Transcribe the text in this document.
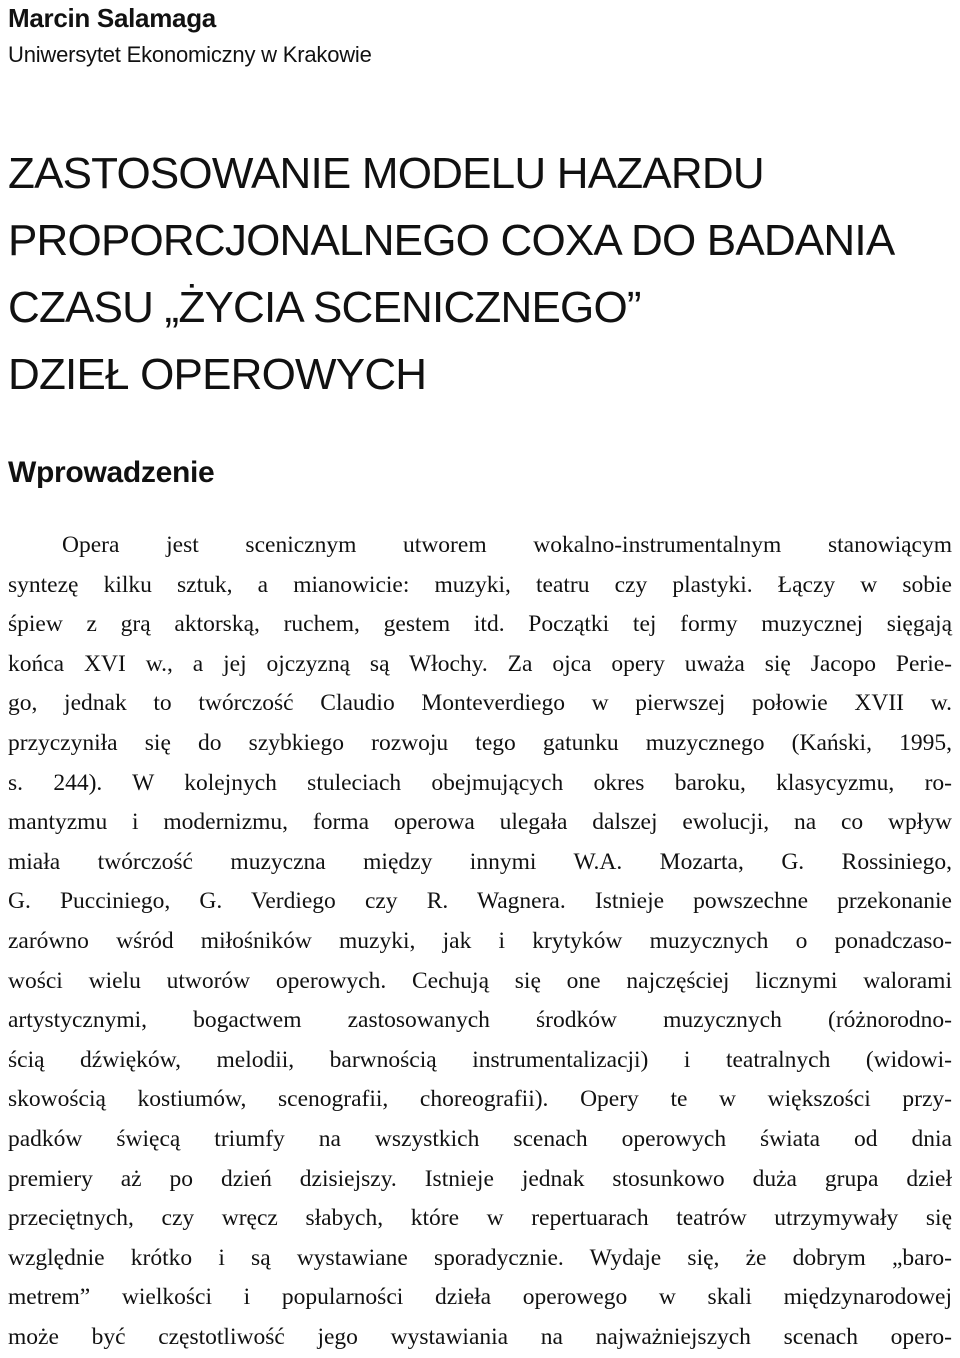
Marcin Salamaga
Uniwersytet Ekonomiczny w Krakowie
ZASTOSOWANIE MODELU HAZARDU
PROPORCJONALNEGO COXA DO BADANIA
CZASU „ŻYCIA SCENICZNEGO”
DZIEŁ OPEROWYCH
Wprowadzenie
Opera jest scenicznym utworem wokalno-instrumentalnym stanowiącym
syntezę kilku sztuk, a mianowicie: muzyki, teatru czy plastyki. Łączy w sobie
śpiew z grą aktorską, ruchem, gestem itd. Początki tej formy muzycznej sięgają
końca XVI w., a jej ojczyzną są Włochy. Za ojca opery uważa się Jacopo Perie-
go, jednak to twórczość Claudio Monteverdiego w pierwszej połowie XVII w.
przyczyniła się do szybkiego rozwoju tego gatunku muzycznego (Kański, 1995,
s. 244). W kolejnych stuleciach obejmujących okres baroku, klasycyzmu, ro-
mantyzmu i modernizmu, forma operowa ulegała dalszej ewolucji, na co wpływ
miała twórczość muzyczna między innymi W.A. Mozarta, G. Rossiniego,
G. Pucciniego, G. Verdiego czy R. Wagnera. Istnieje powszechne przekonanie
zarówno wśród miłośników muzyki, jak i krytyków muzycznych o ponadczaso-
wości wielu utworów operowych. Cechują się one najczęściej licznymi walorami
artystycznymi, bogactwem zastosowanych środków muzycznych (różnorodno-
ścią dźwięków, melodii, barwnością instrumentalizacji) i teatralnych (widowi-
skowością kostiumów, scenografii, choreografii). Opery te w większości przy-
padków święcą triumfy na wszystkich scenach operowych świata od dnia
premiery aż po dzień dzisiejszy. Istnieje jednak stosunkowo duża grupa dzieł
przeciętnych, czy wręcz słabych, które w repertuarach teatrów utrzymywały się
względnie krótko i są wystawiane sporadycznie. Wydaje się, że dobrym „baro-
metrem” wielkości i popularności dzieła operowego w skali międzynarodowej
może być częstotliwość jego wystawiania na najważniejszych scenach opero-
